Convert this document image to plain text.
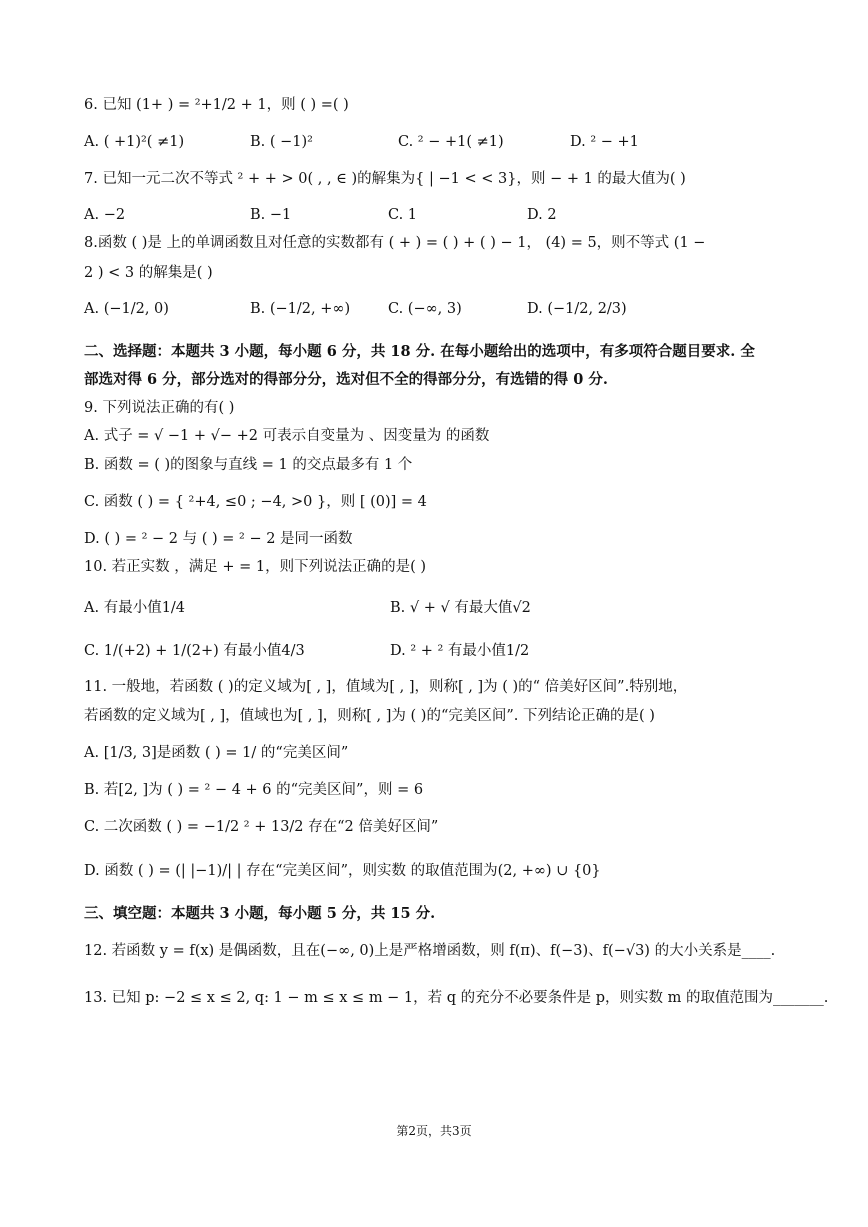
6. 已知 (1+ ) = ²+1/2 + 1，则 ( ) =( )
A. ( +1)²( ≠1)	B. ( −1)²	C. ² − +1( ≠1)	D. ² − +1
7. 已知一元二次不等式 ² + + > 0( , , ∈ )的解集为{ | −1 < < 3}，则 − + 1 的最大值为( )
A. −2	B. −1	C. 1	D. 2
8.函数 ( )是 上的单调函数且对任意的实数都有 ( + ) = ( ) + ( ) − 1， (4) = 5，则不等式 (1 −
2 ) < 3 的解集是( )
A. (−1/2, 0)	B. (−1/2, +∞)	C. (−∞, 3)	D. (−1/2, 2/3)
二、选择题：本题共 3 小题，每小题 6 分，共 18 分. 在每小题给出的选项中，有多项符合题目要求. 全
部选对得 6 分，部分选对的得部分分，选对但不全的得部分分，有选错的得 0 分.
9. 下列说法正确的有( )
A. 式子 = √ −1 + √− +2 可表示自变量为 、因变量为 的函数
B. 函数 = ( )的图象与直线 = 1 的交点最多有 1 个
C. 函数 ( ) = { ²+4, ≤0 ; −4, >0 }，则 [ (0)] = 4
D. ( ) = ² − 2 与 ( ) = ² − 2 是同一函数
10. 若正实数 ，满足 + = 1，则下列说法正确的是( )
A. 有最小值1/4	B. √ + √ 有最大值√2
C. 1/(+2) + 1/(2+) 有最小值4/3	D. ² + ² 有最小值1/2
11. 一般地，若函数 ( )的定义域为[ , ]，值域为[ , ]，则称[ , ]为 ( )的“ 倍美好区间”.特别地，
若函数的定义域为[ , ]，值域也为[ , ]，则称[ , ]为 ( )的“完美区间”. 下列结论正确的是( )
A. [1/3, 3]是函数 ( ) = 1/ 的“完美区间”
B. 若[2, ]为 ( ) = ² − 4 + 6 的“完美区间”，则 = 6
C. 二次函数 ( ) = −1/2 ² + 13/2 存在“2 倍美好区间”
D. 函数 ( ) = (| |−1)/| | 存在“完美区间”，则实数 的取值范围为(2, +∞) ∪ {0}
三、填空题：本题共 3 小题，每小题 5 分，共 15 分.
12. 若函数 y = f(x) 是偶函数，且在(−∞, 0)上是严格增函数，则 f(π)、f(−3)、f(−√3) 的大小关系是____.
13. 已知 p: −2 ≤ x ≤ 2, q: 1 − m ≤ x ≤ m − 1，若 q 的充分不必要条件是 p，则实数 m 的取值范围为_______.
第2页，共3页
